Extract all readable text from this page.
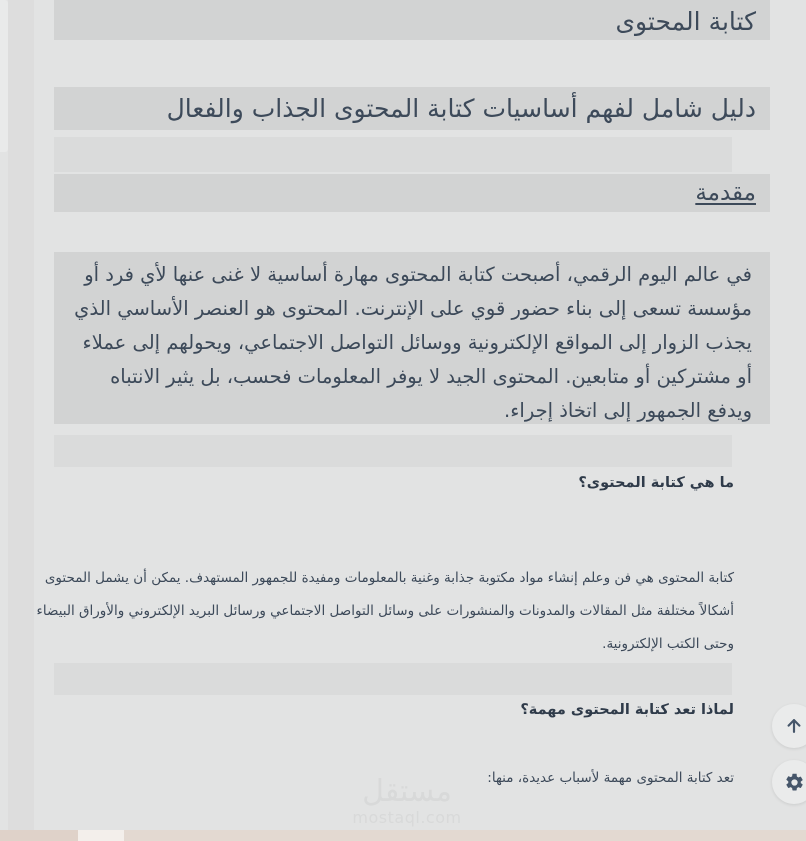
كتابة المحتوى
دليل شامل لفهم أساسيات كتابة المحتوى الجذاب والفعال
مقدمة
في عالم اليوم الرقمي، أصبحت كتابة المحتوى مهارة أساسية لا غنى عنها لأي فرد أو مؤسسة تسعى إلى بناء حضور قوي على الإنترنت. المحتوى هو العنصر الأساسي الذي يجذب الزوار إلى المواقع الإلكترونية ووسائل التواصل الاجتماعي، ويحولهم إلى عملاء أو مشتركين أو متابعين. المحتوى الجيد لا يوفر المعلومات فحسب، بل يثير الانتباه ويدفع الجمهور إلى اتخاذ إجراء.
ما هي كتابة المحتوى؟
كتابة المحتوى هي فن وعلم إنشاء مواد مكتوبة جذابة وغنية بالمعلومات ومفيدة للجمهور المستهدف. يمكن أن يشمل المحتوى أشكالاً مختلفة مثل المقالات والمدونات والمنشورات على وسائل التواصل الاجتماعي ورسائل البريد الإلكتروني والأوراق البيضاء وحتى الكتب الإلكترونية.
لماذا تعد كتابة المحتوى مهمة؟
تعد كتابة المحتوى مهمة لأسباب عديدة، منها:
مستقل
mostaql.com
